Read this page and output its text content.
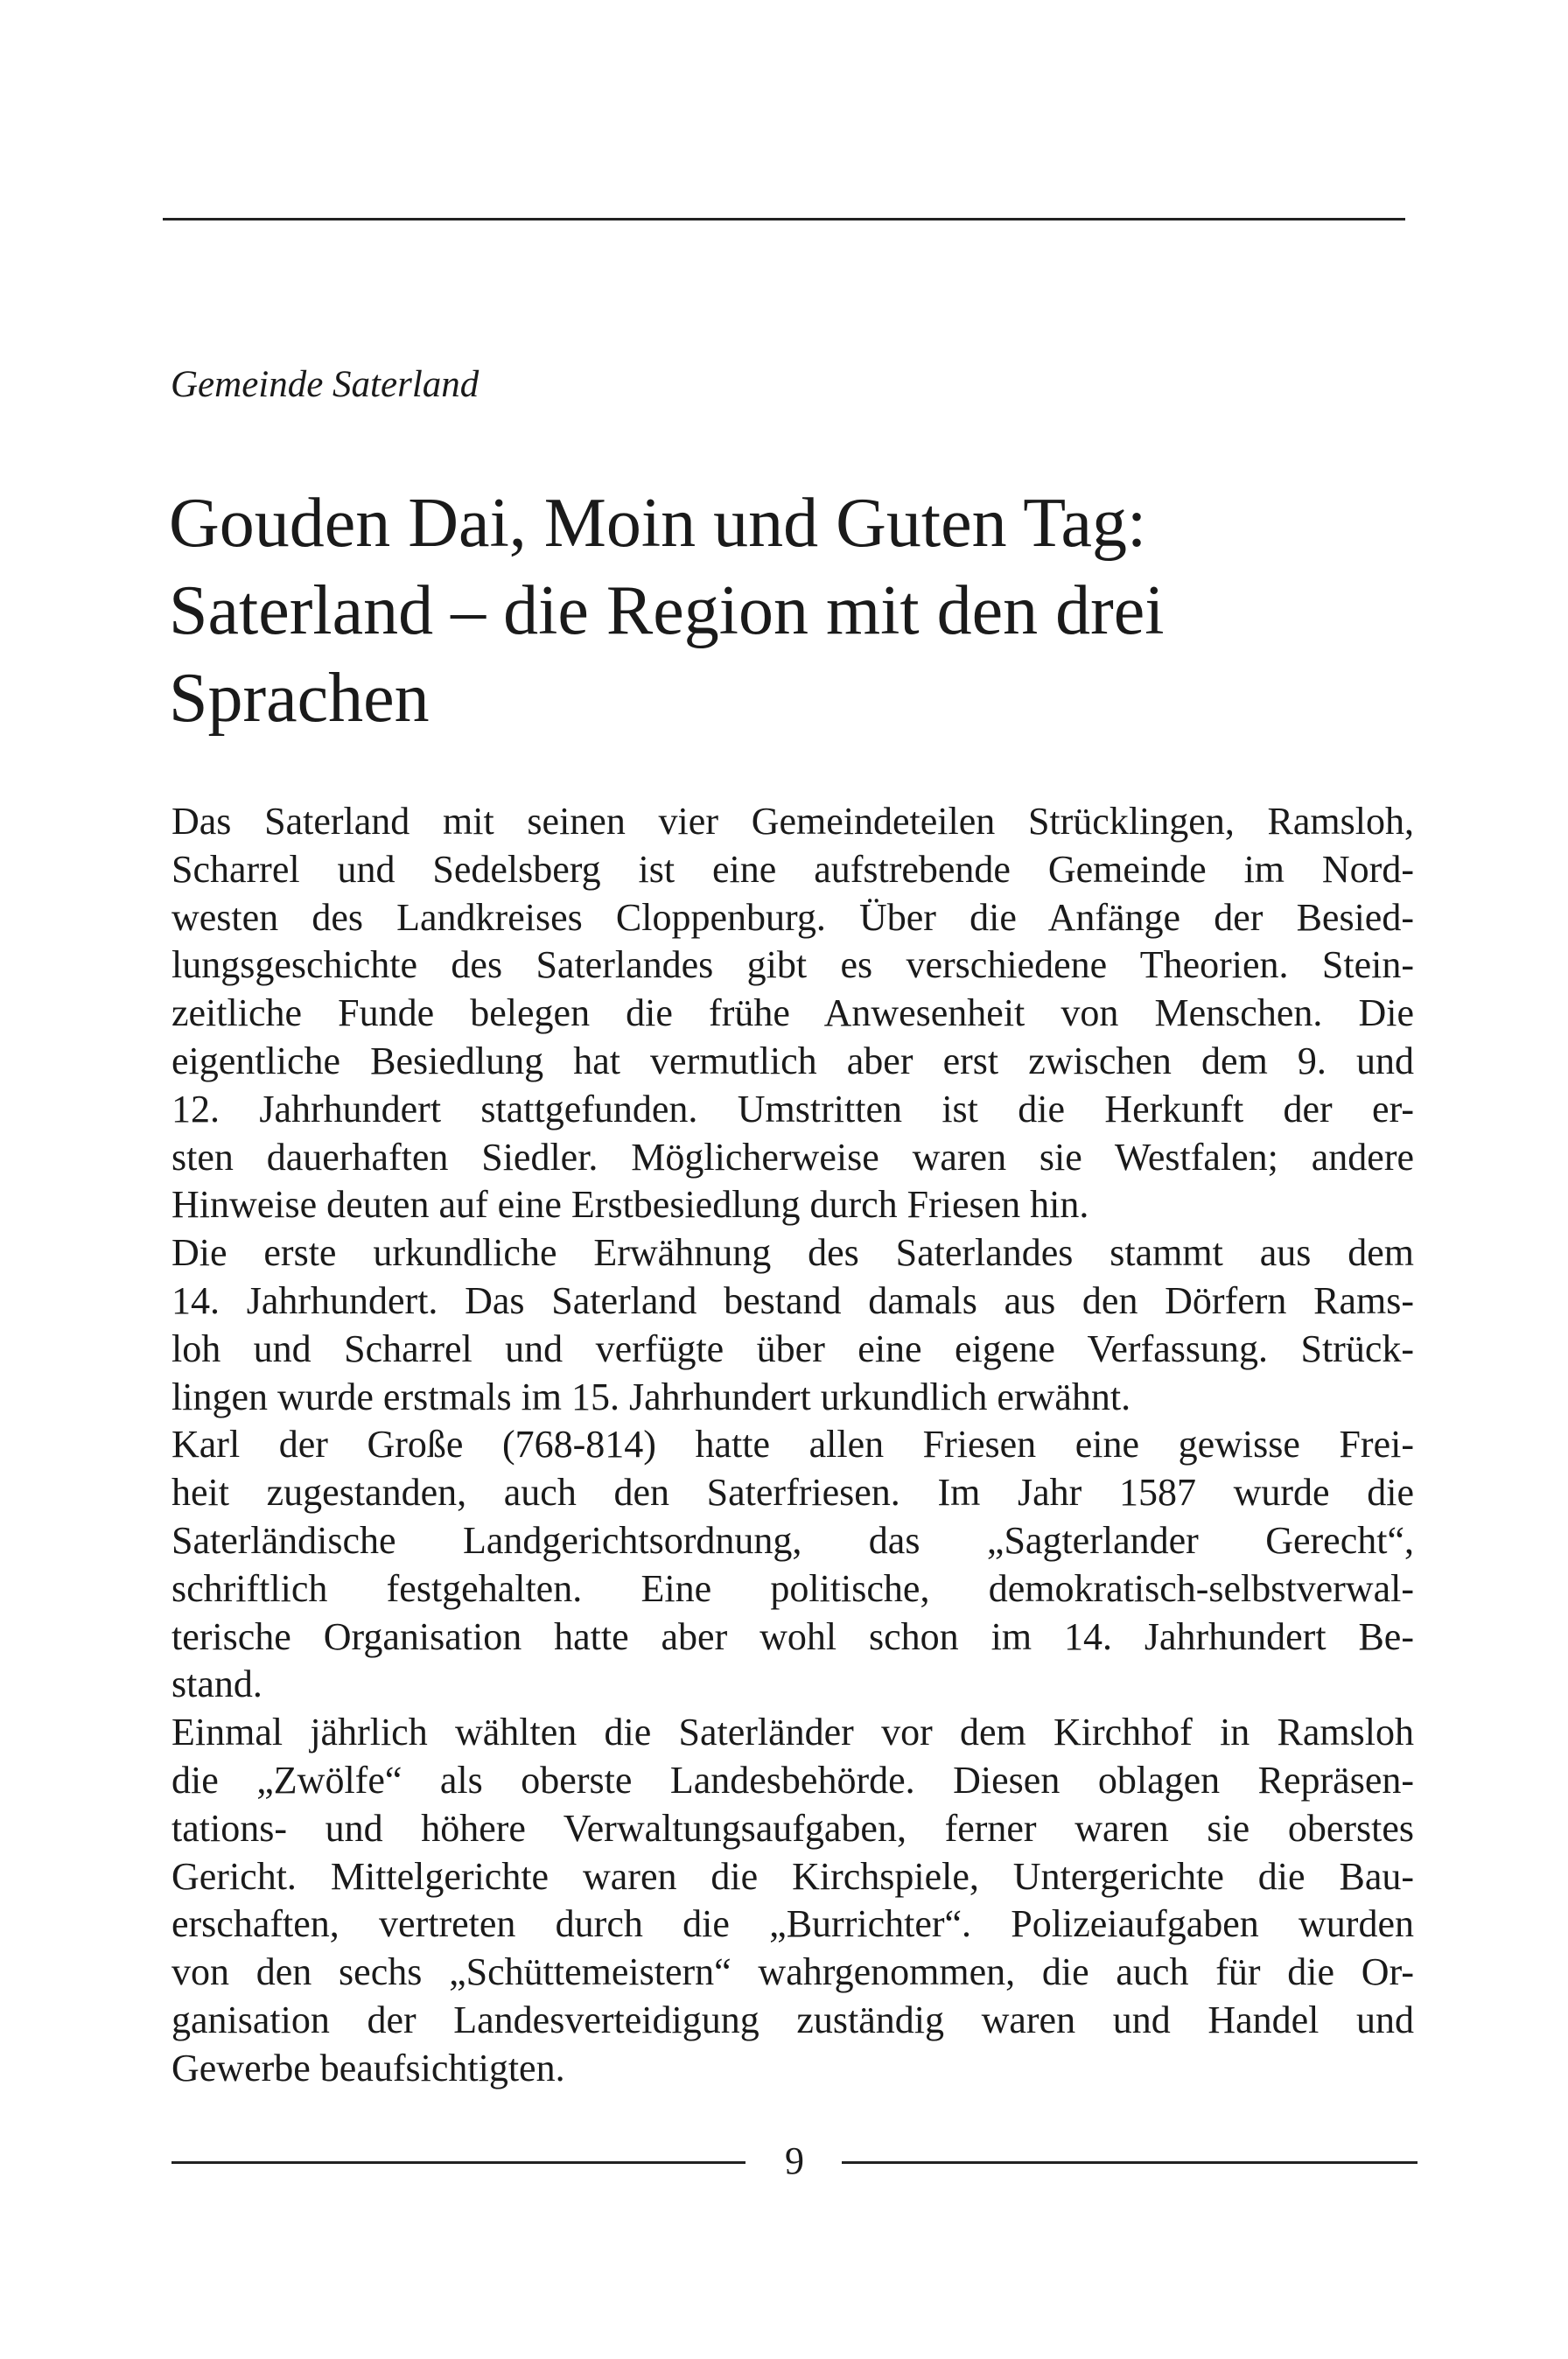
Gemeinde Saterland
Gouden Dai, Moin und Guten Tag:
Saterland – die Region mit den drei
Sprachen
Das Saterland mit seinen vier Gemeindeteilen Strücklingen, Ramsloh,
Scharrel und Sedelsberg ist eine aufstrebende Gemeinde im Nord-
westen des Landkreises Cloppenburg. Über die Anfänge der Besied-
lungsgeschichte des Saterlandes gibt es verschiedene Theorien. Stein-
zeitliche Funde belegen die frühe Anwesenheit von Menschen. Die
eigentliche Besiedlung hat vermutlich aber erst zwischen dem 9. und
12. Jahrhundert stattgefunden. Umstritten ist die Herkunft der er-
sten dauerhaften Siedler. Möglicherweise waren sie Westfalen; andere
Hinweise deuten auf eine Erstbesiedlung durch Friesen hin.
Die erste urkundliche Erwähnung des Saterlandes stammt aus dem
14. Jahrhundert. Das Saterland bestand damals aus den Dörfern Rams-
loh und Scharrel und verfügte über eine eigene Verfassung. Strück-
lingen wurde erstmals im 15. Jahrhundert urkundlich erwähnt.
Karl der Große (768-814) hatte allen Friesen eine gewisse Frei-
heit zugestanden, auch den Saterfriesen. Im Jahr 1587 wurde die
Saterländische Landgerichtsordnung, das „Sagterlander Gerecht“,
schriftlich festgehalten. Eine politische, demokratisch-selbstverwal-
terische Organisation hatte aber wohl schon im 14. Jahrhundert Be-
stand.
Einmal jährlich wählten die Saterländer vor dem Kirchhof in Ramsloh
die „Zwölfe“ als oberste Landesbehörde. Diesen oblagen Repräsen-
tations- und höhere Verwaltungsaufgaben, ferner waren sie oberstes
Gericht. Mittelgerichte waren die Kirchspiele, Untergerichte die Bau-
erschaften, vertreten durch die „Burrichter“. Polizeiaufgaben wurden
von den sechs „Schüttemeistern“ wahrgenommen, die auch für die Or-
ganisation der Landesverteidigung zuständig waren und Handel und
Gewerbe beaufsichtigten.
9
